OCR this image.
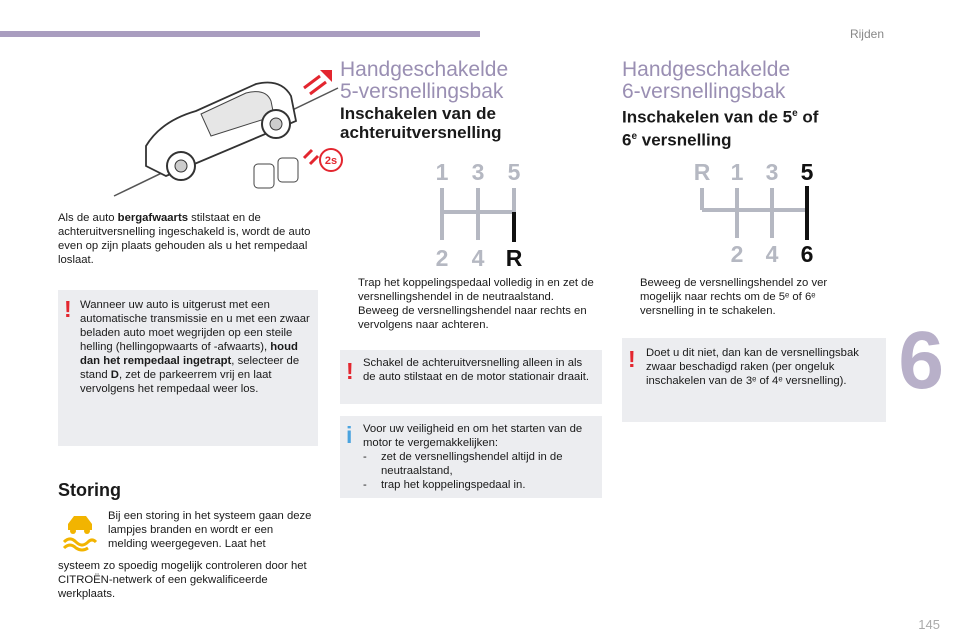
Rijden
6
145
2s
Als de auto bergafwaarts stilstaat en de achteruitversnelling ingeschakeld is, wordt de auto even op zijn plaats gehouden als u het rempedaal loslaat.
! Wanneer uw auto is uitgerust met een automatische transmissie en u met een zwaar beladen auto moet wegrijden op een steile helling (hellingopwaarts of -afwaarts), houd dan het rempedaal ingetrapt, selecteer de stand D, zet de parkeerrem vrij en laat vervolgens het rempedaal weer los.
Storing
Bij een storing in het systeem gaan deze lampjes branden en wordt er een melding weergegeven. Laat het
systeem zo spoedig mogelijk controleren door het CITROËN-netwerk of een gekwalificeerde werkplaats.
Handgeschakelde
5-versnellingsbak
Inschakelen van de
achteruitversnelling
1 3 5
2 4 R
Trap het koppelingspedaal volledig in en zet de versnellingshendel in de neutraalstand.
Beweeg de versnellingshendel naar rechts en vervolgens naar achteren.
! Schakel de achteruitversnelling alleen in als de auto stilstaat en de motor stationair draait.
i Voor uw veiligheid en om het starten van de motor te vergemakkelijken:
- zet de versnellingshendel altijd in de neutraalstand,
- trap het koppelingspedaal in.
Handgeschakelde
6-versnellingsbak
Inschakelen van de 5e of
6e versnelling
R 1 3 5
2 4 6
Beweeg de versnellingshendel zo ver
mogelijk naar rechts om de 5ᵉ of 6ᵉ
versnelling in te schakelen.
! Doet u dit niet, dan kan de versnellingsbak
zwaar beschadigd raken (per ongeluk
inschakelen van de 3ᵉ of 4ᵉ versnelling).
